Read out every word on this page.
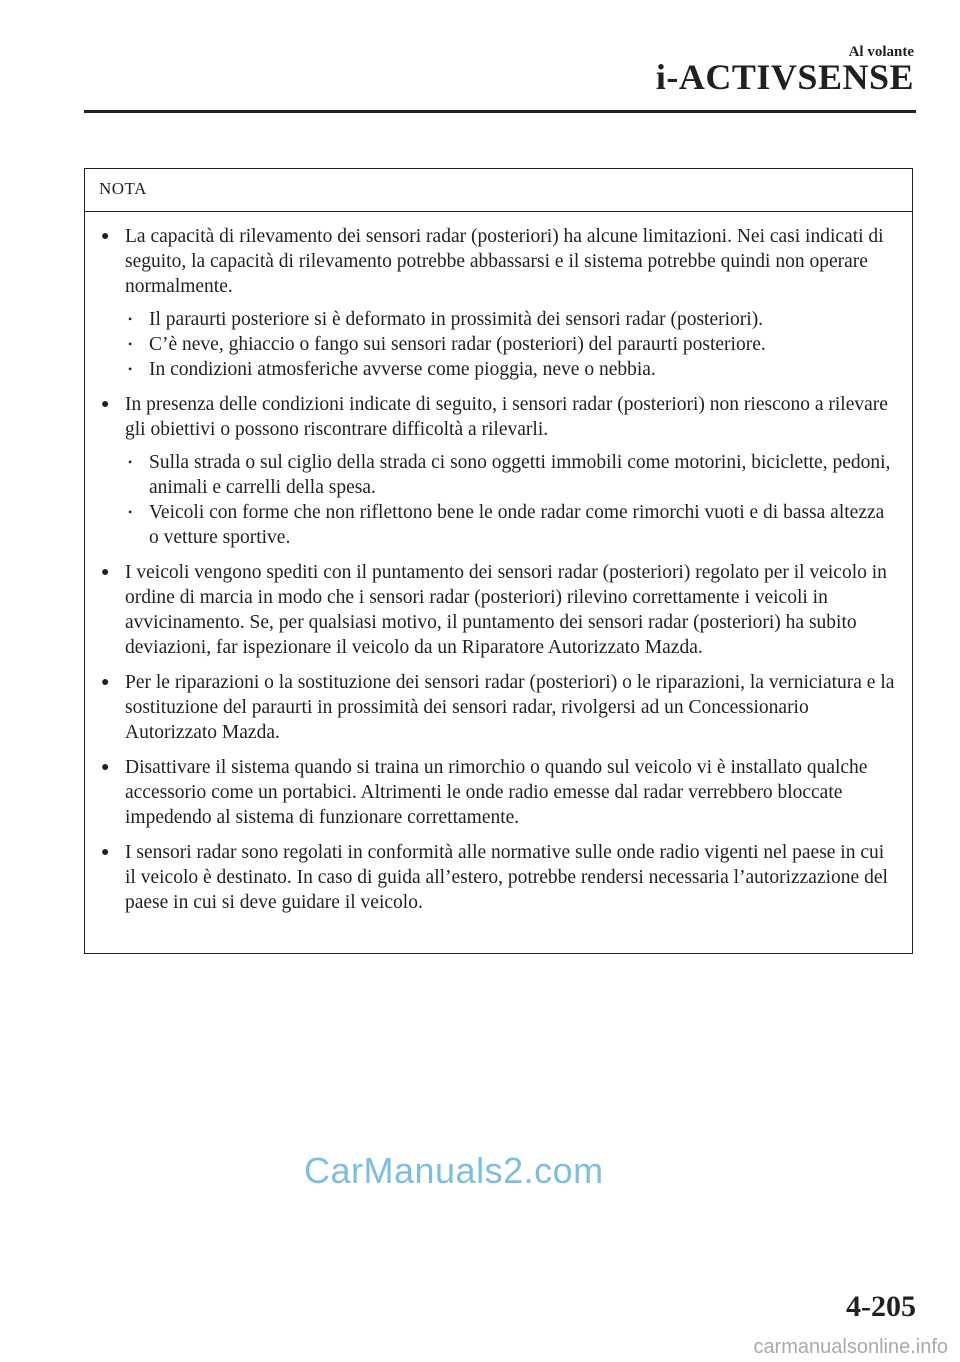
Al volante
i-ACTIVSENSE
NOTA
● La capacità di rilevamento dei sensori radar (posteriori) ha alcune limitazioni. Nei casi indicati di seguito, la capacità di rilevamento potrebbe abbassarsi e il sistema potrebbe quindi non operare normalmente.
• Il paraurti posteriore si è deformato in prossimità dei sensori radar (posteriori).
• C’è neve, ghiaccio o fango sui sensori radar (posteriori) del paraurti posteriore.
• In condizioni atmosferiche avverse come pioggia, neve o nebbia.
● In presenza delle condizioni indicate di seguito, i sensori radar (posteriori) non riescono a rilevare gli obiettivi o possono riscontrare difficoltà a rilevarli.
• Sulla strada o sul ciglio della strada ci sono oggetti immobili come motorini, biciclette, pedoni, animali e carrelli della spesa.
• Veicoli con forme che non riflettono bene le onde radar come rimorchi vuoti e di bassa altezza o vetture sportive.
● I veicoli vengono spediti con il puntamento dei sensori radar (posteriori) regolato per il veicolo in ordine di marcia in modo che i sensori radar (posteriori) rilevino correttamente i veicoli in avvicinamento. Se, per qualsiasi motivo, il puntamento dei sensori radar (posteriori) ha subito deviazioni, far ispezionare il veicolo da un Riparatore Autorizzato Mazda.
● Per le riparazioni o la sostituzione dei sensori radar (posteriori) o le riparazioni, la verniciatura e la sostituzione del paraurti in prossimità dei sensori radar, rivolgersi ad un Concessionario Autorizzato Mazda.
● Disattivare il sistema quando si traina un rimorchio o quando sul veicolo vi è installato qualche accessorio come un portabici. Altrimenti le onde radio emesse dal radar verrebbero bloccate impedendo al sistema di funzionare correttamente.
● I sensori radar sono regolati in conformità alle normative sulle onde radio vigenti nel paese in cui il veicolo è destinato. In caso di guida all’estero, potrebbe rendersi necessaria l’autorizzazione del paese in cui si deve guidare il veicolo.
CarManuals2.com
4-205
carmanualsonline.info
